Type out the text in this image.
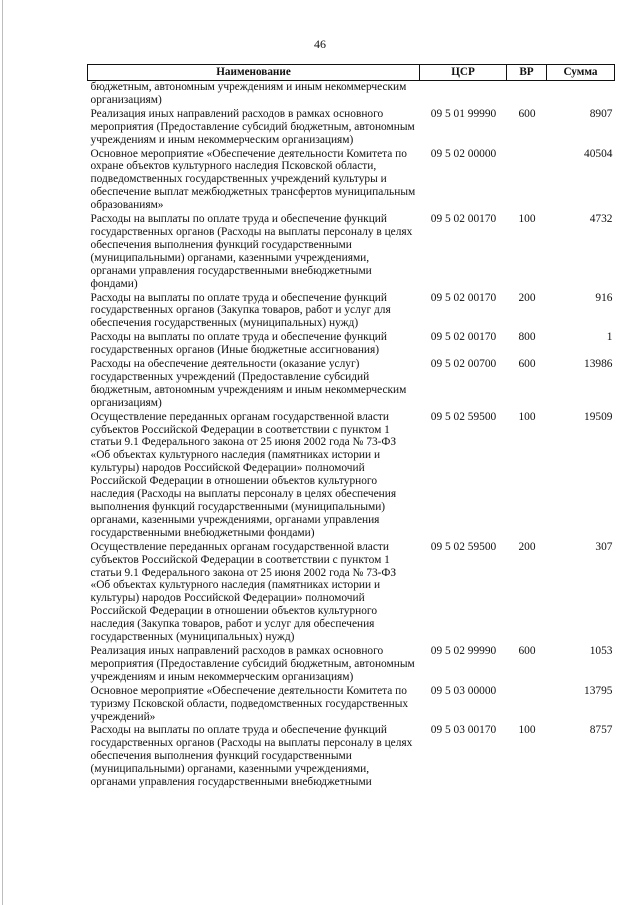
46
Наименование	ЦСР	ВР	Сумма
бюджетным, автономным учреждениям и иным некоммерческим организациям)			
Реализация иных направлений расходов в рамках основного мероприятия (Предоставление субсидий бюджетным, автономным учреждениям и иным некоммерческим организациям)	09 5 01 99990	600	8907
Основное мероприятие «Обеспечение деятельности Комитета по охране объектов культурного наследия Псковской области, подведомственных государственных учреждений культуры и обеспечение выплат межбюджетных трансфертов муниципальным образованиям»	09 5 02 00000		40504
Расходы на выплаты по оплате труда и обеспечение функций государственных органов (Расходы на выплаты персоналу в целях обеспечения выполнения функций государственными (муниципальными) органами, казенными учреждениями, органами управления государственными внебюджетными фондами)	09 5 02 00170	100	4732
Расходы на выплаты по оплате труда и обеспечение функций государственных органов (Закупка товаров, работ и услуг для обеспечения государственных (муниципальных) нужд)	09 5 02 00170	200	916
Расходы на выплаты по оплате труда и обеспечение функций государственных органов (Иные бюджетные ассигнования)	09 5 02 00170	800	1
Расходы на обеспечение деятельности (оказание услуг) государственных учреждений (Предоставление субсидий бюджетным, автономным учреждениям и иным некоммерческим организациям)	09 5 02 00700	600	13986
Осуществление переданных органам государственной власти субъектов Российской Федерации в соответствии с пунктом 1 статьи 9.1 Федерального закона от 25 июня 2002 года № 73-ФЗ «Об объектах культурного наследия (памятниках истории и культуры) народов Российской Федерации» полномочий Российской Федерации в отношении объектов культурного наследия (Расходы на выплаты персоналу в целях обеспечения выполнения функций государственными (муниципальными) органами, казенными учреждениями, органами управления государственными внебюджетными фондами)	09 5 02 59500	100	19509
Осуществление переданных органам государственной власти субъектов Российской Федерации в соответствии с пунктом 1 статьи 9.1 Федерального закона от 25 июня 2002 года № 73-ФЗ «Об объектах культурного наследия (памятниках истории и культуры) народов Российской Федерации» полномочий Российской Федерации в отношении объектов культурного наследия (Закупка товаров, работ и услуг для обеспечения государственных (муниципальных) нужд)	09 5 02 59500	200	307
Реализация иных направлений расходов в рамках основного мероприятия (Предоставление субсидий бюджетным, автономным учреждениям и иным некоммерческим организациям)	09 5 02 99990	600	1053
Основное мероприятие «Обеспечение деятельности Комитета по туризму Псковской области, подведомственных государственных учреждений»	09 5 03 00000		13795
Расходы на выплаты по оплате труда и обеспечение функций государственных органов (Расходы на выплаты персоналу в целях обеспечения выполнения функций государственными (муниципальными) органами, казенными учреждениями, органами управления государственными внебюджетными	09 5 03 00170	100	8757
